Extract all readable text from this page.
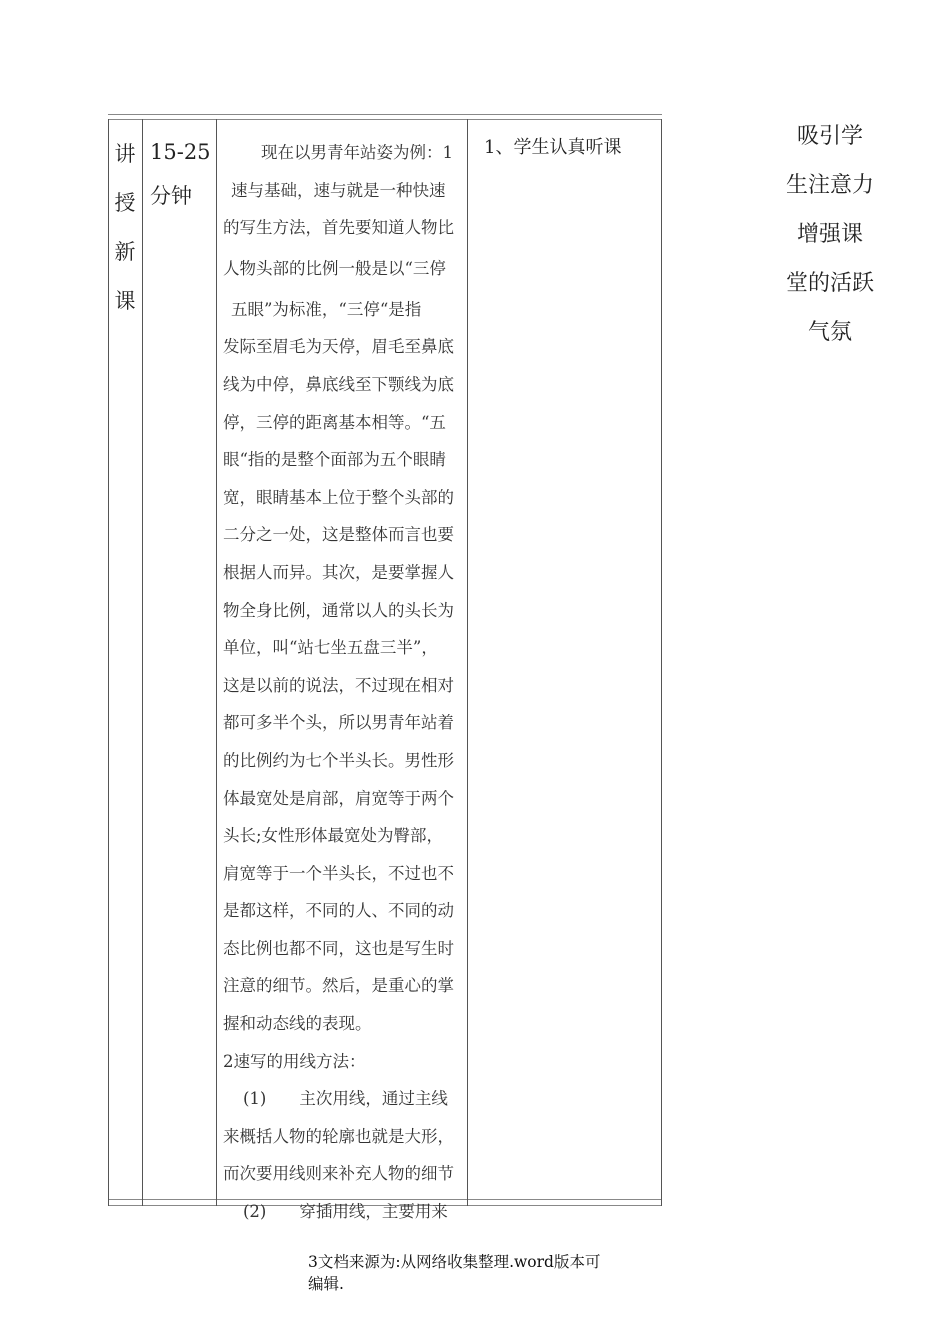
讲
授
新
课
15-25
分钟

现在以男青年站姿为例：1

速与基础，速与就是一种快速

的写生方法，首先要知道人物比

人物头部的比例一般是以“三停

五眼”为标准，“三停“是指

发际至眉毛为天停，眉毛至鼻底

线为中停，鼻底线至下颚线为底

停，三停的距离基本相等。“五

眼“指的是整个面部为五个眼睛

宽，眼睛基本上位于整个头部的

二分之一处，这是整体而言也要

根据人而异。其次，是要掌握人

物全身比例，通常以人的头长为

单位，叫“站七坐五盘三半”，

这是以前的说法，不过现在相对

都可多半个头，所以男青年站着

的比例约为七个半头长。男性形

体最宽处是肩部，肩宽等于两个

头长;女性形体最宽处为臀部，

肩宽等于一个半头长，不过也不

是都这样，不同的人、不同的动

态比例也都不同，这也是写生时

注意的细节。然后，是重心的掌

握和动态线的表现。

2速写的用线方法：

(1)　　主次用线，通过主线

来概括人物的轮廓也就是大形，

而次要用线则来补充人物的细节

(2)　　穿插用线，主要用来

1、学生认真听课	吸引学
生注意力
增强课
堂的活跃
气氛
3文档来源为:从网络收集整理.word版本可
编辑.
